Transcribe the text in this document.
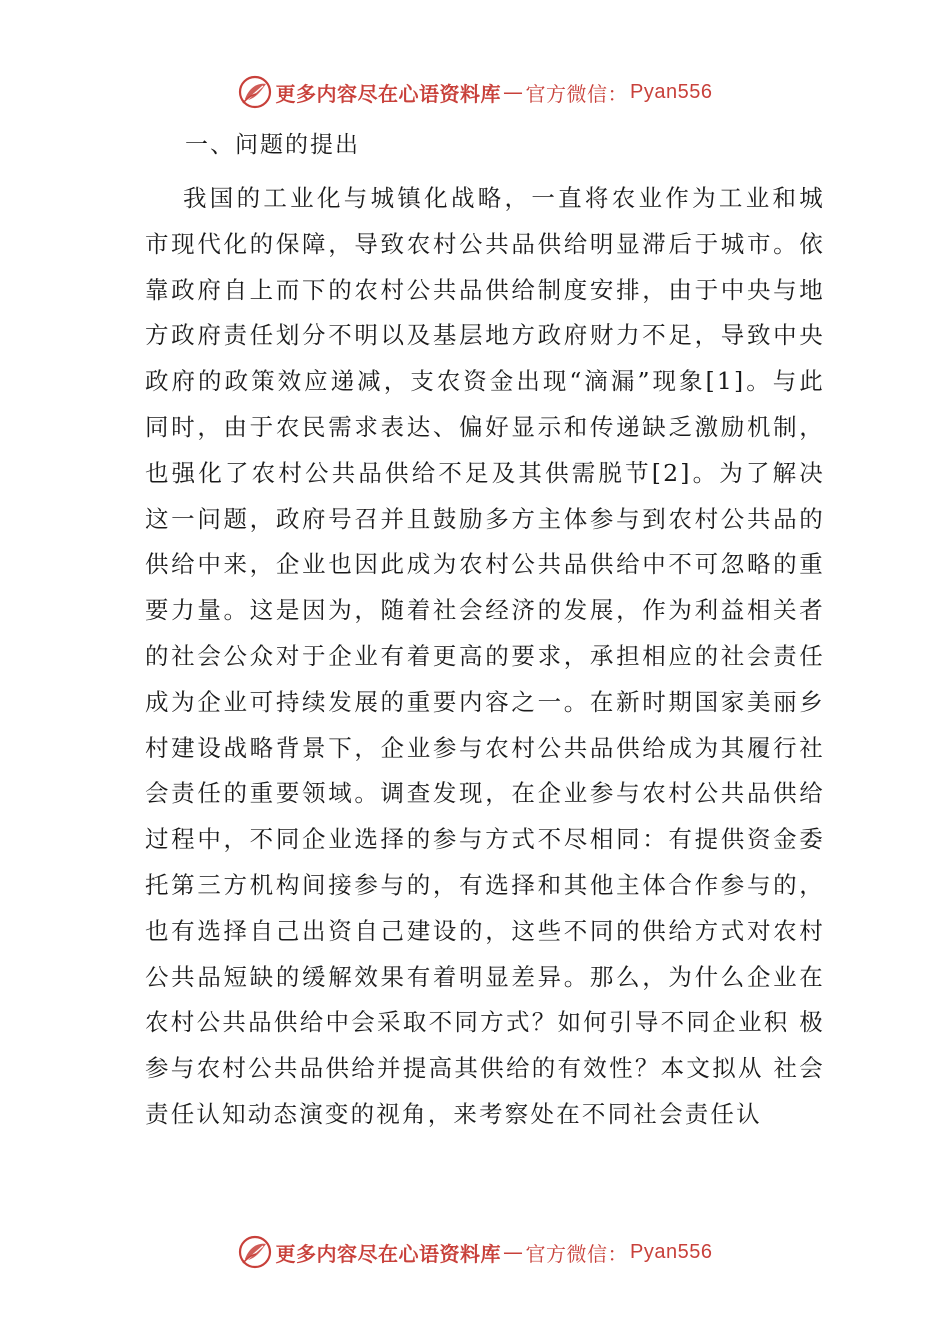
更多内容尽在心语资料库 — 官方微信： Pyan556
一、问题的提出

我国的工业化与城镇化战略，一直将农业作为工业和城市现代化的保障，导致农村公共品供给明显滞后于城市。依靠政府自上而下的农村公共品供给制度安排，由于中央与地方政府责任划分不明以及基层地方政府财力不足，导致中央政府的政策效应递减，支农资金出现“滴漏”现象[1]。与此同时，由于农民需求表达、偏好显示和传递缺乏激励机制， 也强化了农村公共品供给不足及其供需脱节[2]。为了解决这一问题，政府号召并且鼓励多方主体参与到农村公共品的供给中来，企业也因此成为农村公共品供给中不可忽略的重要力量。这是因为，随着社会经济的发展，作为利益相关者的社会公众对于企业有着更高的要求，承担相应的社会责任成为企业可持续发展的重要内容之一。在新时期国家美丽乡村建设战略背景下，企业参与农村公共品供给成为其履行社会责任的重要领域。调查发现，在企业参与农村公共品供给过程中，不同企业选择的参与方式不尽相同：有提供资金委托第三方机构间接参与的，有选择和其他主体合作参与的， 也有选择自己出资自己建设的，这些不同的供给方式对农村公共品短缺的缓解效果有着明显差异。那么，为什么企业在农村公共品供给中会采取不同方式？如何引导不同企业积 极参与农村公共品供给并提高其供给的有效性？本文拟从 社会责任认知动态演变的视角，来考察处在不同社会责任认

更多内容尽在心语资料库 — 官方微信： Pyan556
